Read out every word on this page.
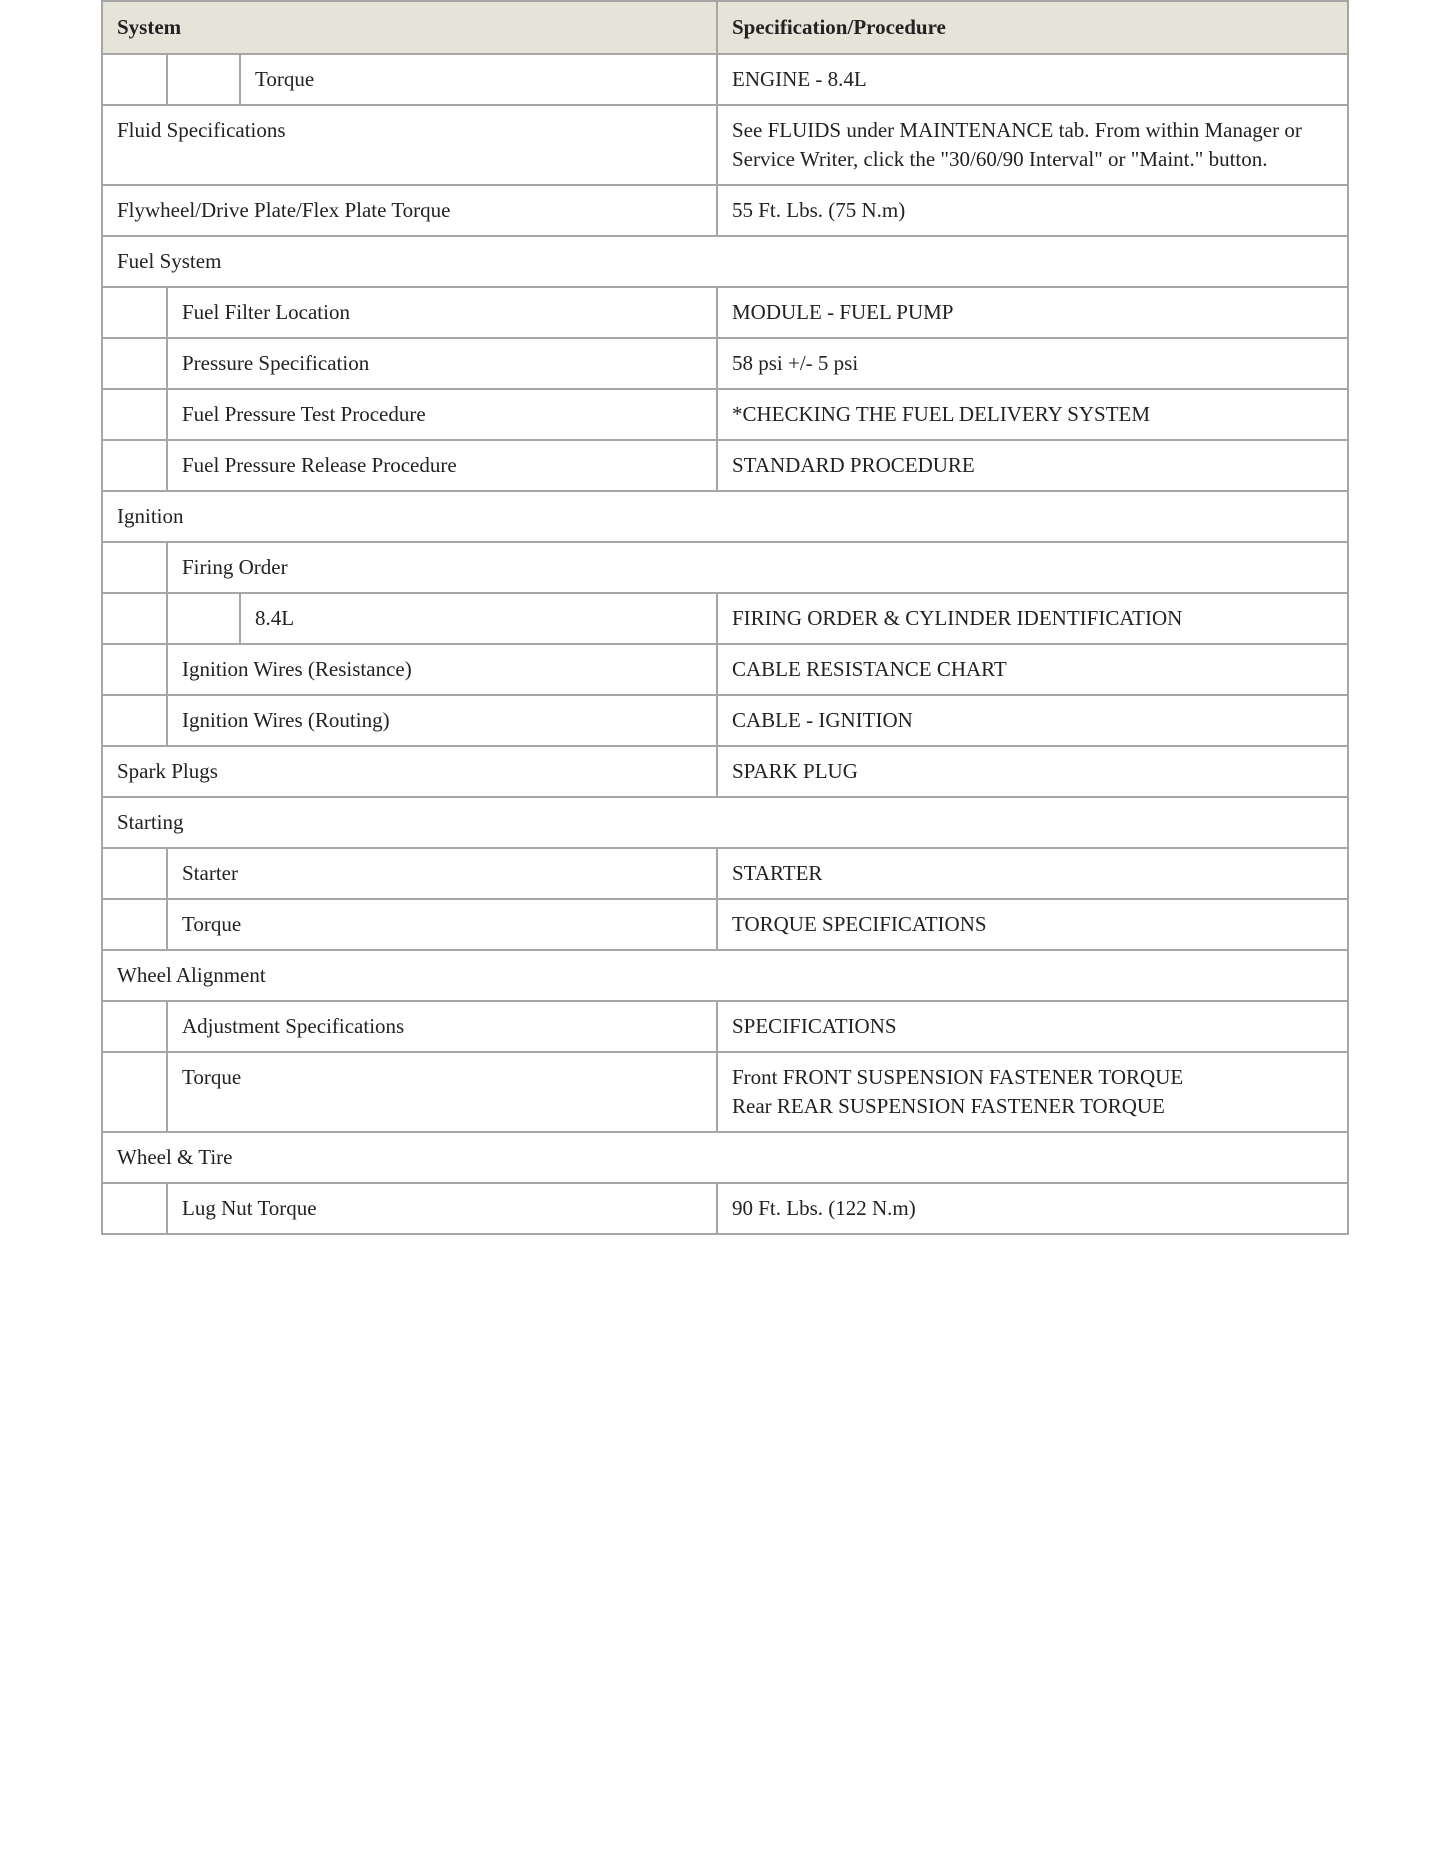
System			Specification/Procedure
		Torque	ENGINE - 8.4L
Fluid Specifications			See FLUIDS under MAINTENANCE tab. From within Manager or Service Writer, click the "30/60/90 Interval" or "Maint." button.
Flywheel/Drive Plate/Flex Plate Torque			55 Ft. Lbs. (75 N.m)
Fuel System			
	Fuel Filter Location		MODULE - FUEL PUMP
	Pressure Specification		58 psi +/- 5 psi
	Fuel Pressure Test Procedure		*CHECKING THE FUEL DELIVERY SYSTEM
	Fuel Pressure Release Procedure		STANDARD PROCEDURE
Ignition			
	Firing Order		
		8.4L	FIRING ORDER & CYLINDER IDENTIFICATION
	Ignition Wires (Resistance)		CABLE RESISTANCE CHART
	Ignition Wires (Routing)		CABLE - IGNITION
Spark Plugs			SPARK PLUG
Starting			
	Starter		STARTER
	Torque		TORQUE SPECIFICATIONS
Wheel Alignment			
	Adjustment Specifications		SPECIFICATIONS
	Torque		Front FRONT SUSPENSION FASTENER TORQUE
Rear REAR SUSPENSION FASTENER TORQUE

Wheel & Tire			
	Lug Nut Torque		90 Ft. Lbs. (122 N.m)
